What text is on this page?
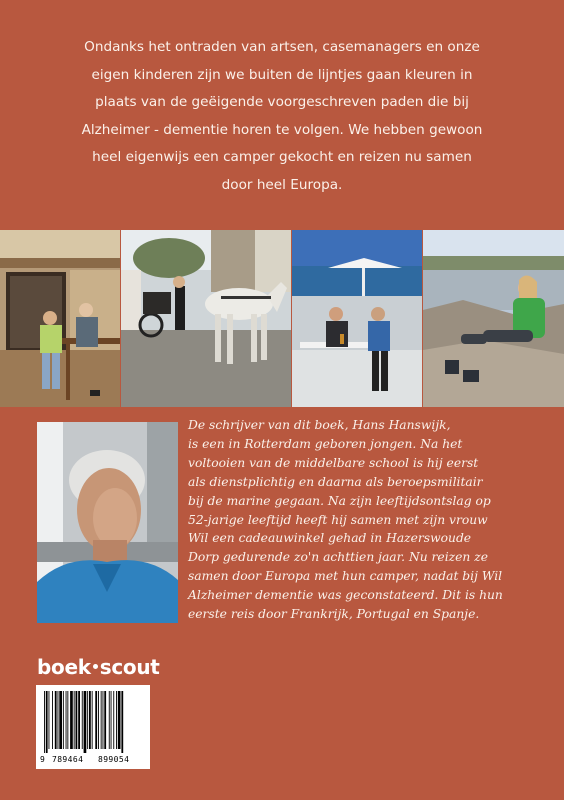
Ondanks het ontraden van artsen, casemanagers en onze
eigen kinderen zijn we buiten de lijntjes gaan kleuren in
plaats van de geëigende voorgeschreven paden die bij
Alzheimer - dementie horen te volgen. We hebben gewoon
heel eigenwijs een camper gekocht en reizen nu samen
door heel Europa.
De schrijver van dit boek, Hans Hanswijk,
is een in Rotterdam geboren jongen. Na het
voltooien van de middelbare school is hij eerst
als dienstplichtig en daarna als beroepsmilitair
bij de marine gegaan. Na zijn leeftijdsontslag op
52-jarige leeftijd heeft hij samen met zijn vrouw
Wil een cadeauwinkel gehad in Hazerswoude
Dorp gedurende zo'n achttien jaar. Nu reizen ze
samen door Europa met hun camper, nadat bij Wil
Alzheimer dementie was geconstateerd. Dit is hun
eerste reis door Frankrijk, Portugal en Spanje.
boek scout
9 789464 899054
